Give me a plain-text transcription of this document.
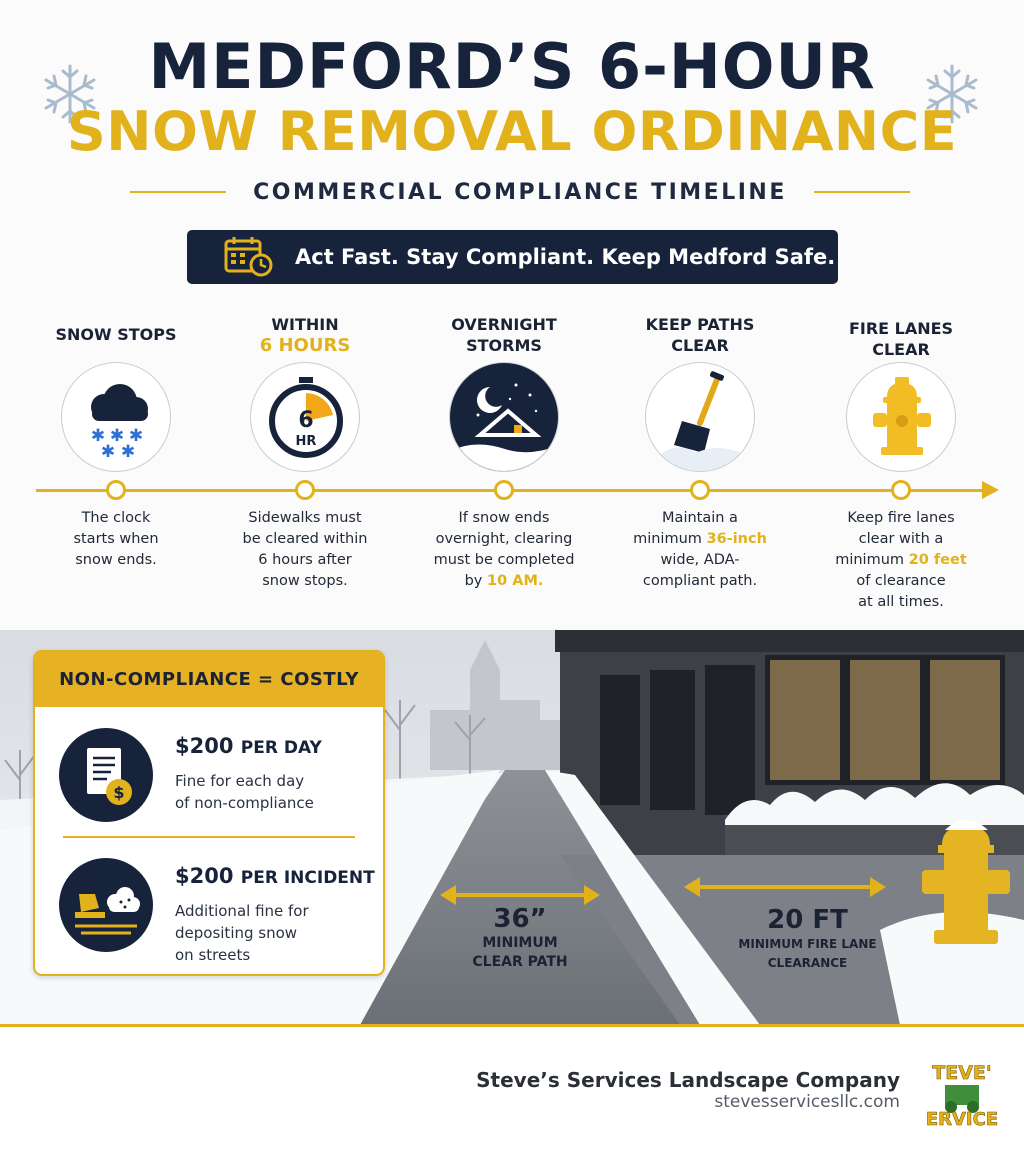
MEDFORD’S 6-HOUR
SNOW REMOVAL ORDINANCE
COMMERCIAL COMPLIANCE TIMELINE
Act Fast. Stay Compliant. Keep Medford Safe.
SNOW STOPS
✱ ✱ ✱
✱ ✱
The clock
starts when
snow ends.
WITHIN
6 HOURS
6
HR
Sidewalks must
be cleared within
6 hours after
snow stops.
OVERNIGHT
STORMS
If snow ends
overnight, clearing
must be completed
by 10 AM.
KEEP PATHS
CLEAR
Maintain a
minimum 36-inch
wide, ADA-
compliant path.
FIRE LANES
CLEAR
Keep fire lanes
clear with a
minimum 20 feet
of clearance
at all times.
36”
MINIMUM
CLEAR PATH
20 FT
MINIMUM FIRE LANE
CLEARANCE
NON-COMPLIANCE = COSTLY
$
$200 PER DAY
Fine for each day
of non-compliance
$200 PER INCIDENT
Additional fine for
depositing snow
on streets
Steve’s Services Landscape Company
stevesservicesllc.com
TEVE'
ERVICE
